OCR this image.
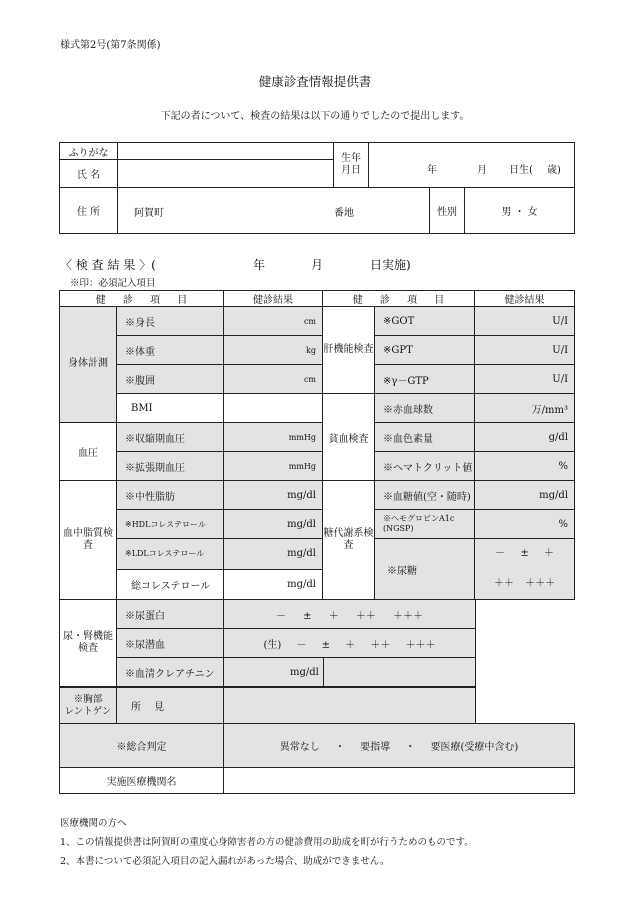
様式第2号(第7条関係)
健康診査情報提供書
下記の者について、検査の結果は以下の通りでしたので提出します。
ふりがな		生年
月日	年 月 日生( 歳)

氏 名			
住 所	阿賀町	番地	性別	男 ・ 女
〈 検 査 結 果 〉(	年	月	日実施)
※印：必須記入項目
健 診 項 目		健診結果	健 診 項 目		健診結果
身体計測	※身長	cm	肝機能検査	※GOT	U/I
	※体重	kg		※GPT	U/I
	※腹囲	cm		※γ－GTP	U/I
	BMI		貧血検査	※赤血球数	万/mm³
血圧	※収縮期血圧	mmHg		※血色素量	g/dl
	※拡張期血圧	mmHg		※ヘマトクリット値	%
血中脂質検査	※中性脂肪	mg/dl	糖代謝系検査	※血糖値(空・随時)	mg/dl
	※HDLコレステロール	mg/dl		※ヘモグロビンA1c
(NGSP)	%
	※LDLコレステロール	mg/dl		※尿糖	－ ± ＋
＋＋ ＋＋＋

	総コレステロール	mg/dl			
尿・腎機能検査	※尿蛋白	－ ± ＋ ＋＋ ＋＋＋
	※尿潜血	(生) － ± ＋ ＋＋ ＋＋＋
	※血清クレアチニン	mg/dl
※胸部
レントゲン	所 見	
※総合判定	異常なし ・ 要指導 ・ 要医療(受療中含む)
実施医療機関名	
医療機関の方へ
1、この情報提供書は阿賀町の重度心身障害者の方の健診費用の助成を町が行うためのものです。
2、本書について必須記入項目の記入漏れがあった場合、助成ができません。
